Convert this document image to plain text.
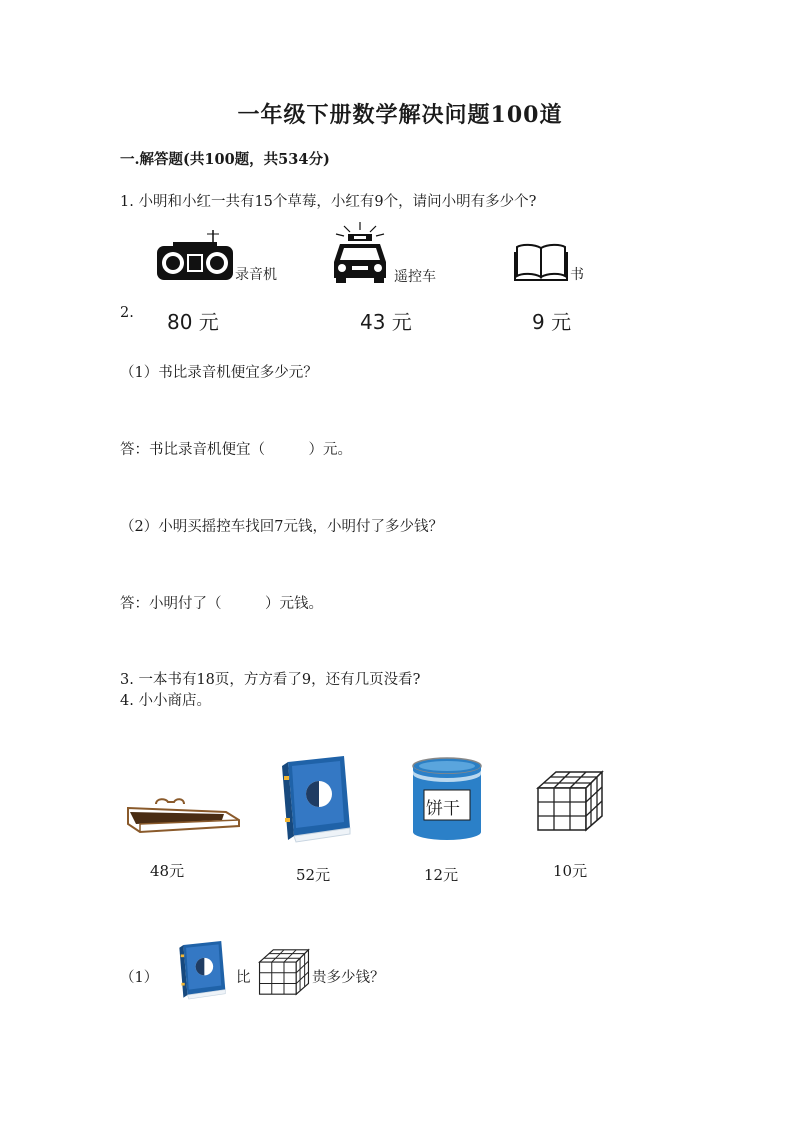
一年级下册数学解决问题100道
一.解答题(共100题，共534分)
1. 小明和小红一共有15个草莓，小红有9个，请问小明有多少个?
2.
录音机
80 元
遥控车
43 元
书
9 元
（1）书比录音机便宜多少元？
答：书比录音机便宜（　　　）元。
（2）小明买摇控车找回7元钱，小明付了多少钱？
答：小明付了（　　　）元钱。
3. 一本书有18页，方方看了9，还有几页没看?
4. 小小商店。
48元	52元
饼干
12元	10元
（1）	比	贵多少钱？
